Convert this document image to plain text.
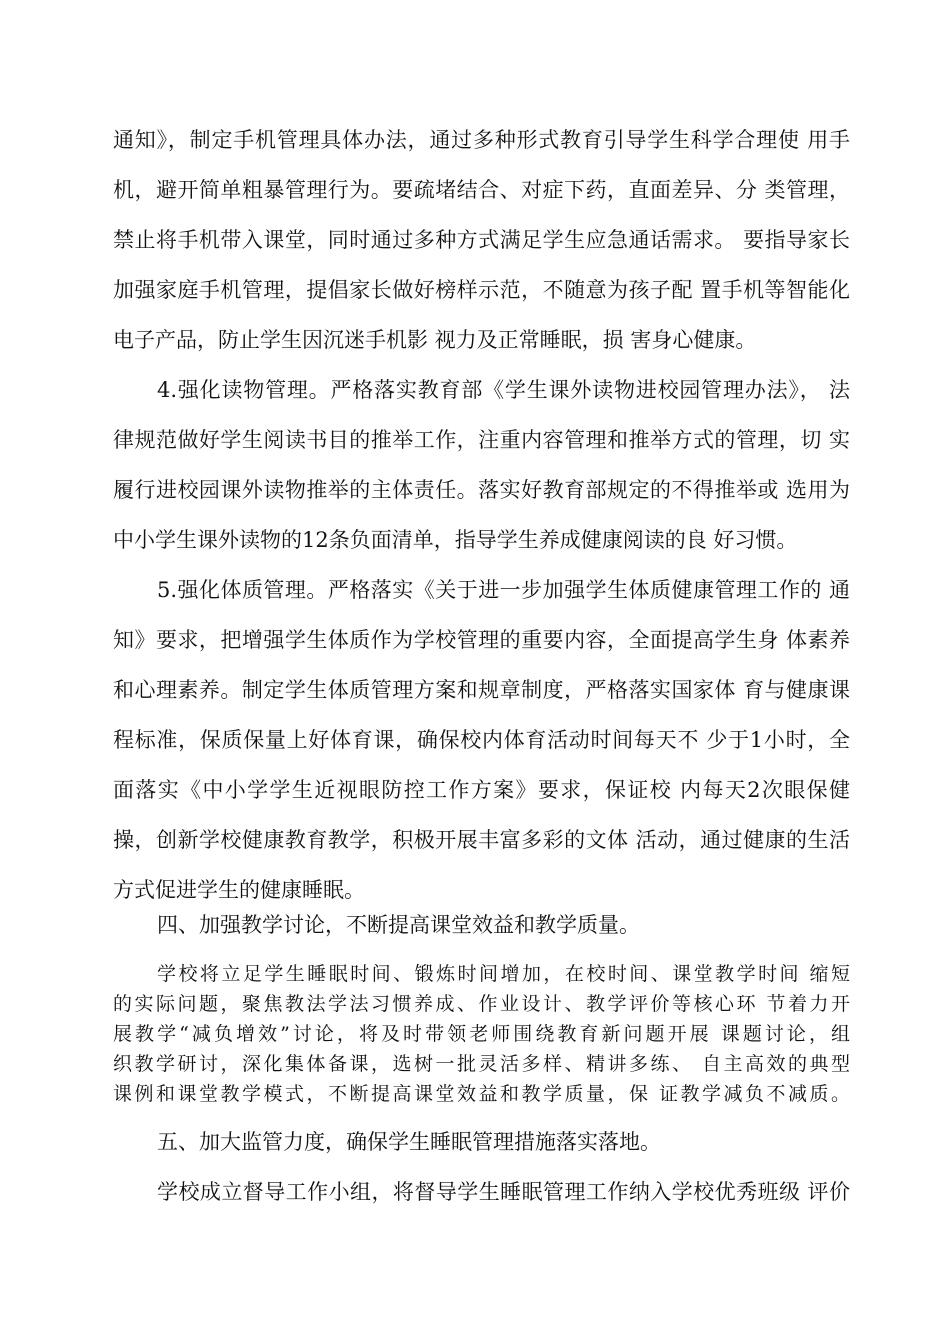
通知》，制定手机管理具体办法，通过多种形式教育引导学生科学合理使 用手

机，避开简单粗暴管理行为。要疏堵结合、对症下药，直面差异、分 类管理，

禁止将手机带入课堂，同时通过多种方式满足学生应急通话需求。 要指导家长

加强家庭手机管理，提倡家长做好榜样示范，不随意为孩子配 置手机等智能化

电子产品，防止学生因沉迷手机影 视力及正常睡眠，损 害身心健康。

4.强化读物管理。严格落实教育部《学生课外读物进校园管理办法》， 法

律规范做好学生阅读书目的推举工作，注重内容管理和推举方式的管理，切 实

履行进校园课外读物推举的主体责任。落实好教育部规定的不得推举或 选用为

中小学生课外读物的12条负面清单，指导学生养成健康阅读的良 好习惯。

5.强化体质管理。严格落实《关于进一步加强学生体质健康管理工作的 通

知》要求，把增强学生体质作为学校管理的重要内容，全面提高学生身 体素养

和心理素养。制定学生体质管理方案和规章制度，严格落实国家体 育与健康课

程标准，保质保量上好体育课，确保校内体育活动时间每天不 少于1小时，全

面落实《中小学学生近视眼防控工作方案》要求，保证校 内每天2次眼保健

操，创新学校健康教育教学，积极开展丰富多彩的文体 活动，通过健康的生活

方式促进学生的健康睡眠。

四、加强教学讨论，不断提高课堂效益和教学质量。

学校将立足学生睡眠时间、锻炼时间增加，在校时间、课堂教学时间 缩短

的实际问题，聚焦教法学法习惯养成、作业设计、教学评价等核心环 节着力开

展教学“减负增效”讨论，将及时带领老师围绕教育新问题开展 课题讨论，组

织教学研讨，深化集体备课，选树一批灵活多样、精讲多练、 自主高效的典型

课例和课堂教学模式，不断提高课堂效益和教学质量，保 证教学减负不减质。

五、加大监管力度，确保学生睡眠管理措施落实落地。

学校成立督导工作小组，将督导学生睡眠管理工作纳入学校优秀班级 评价
